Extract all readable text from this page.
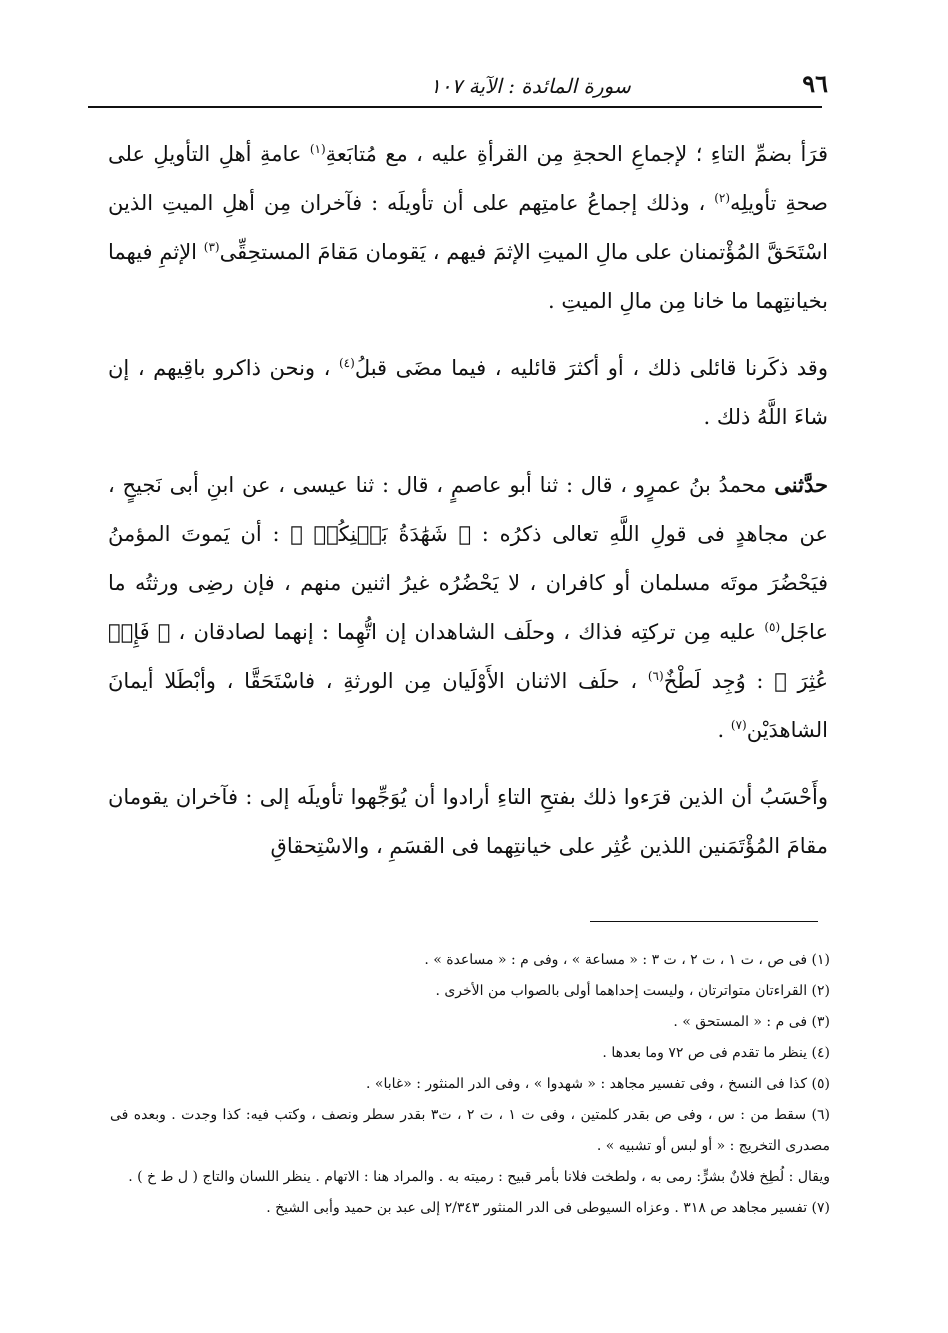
٩٦
سورة المائدة : الآية ١٠٧

قرَأ بضمِّ التاءِ ؛ لإجماعِ الحجةِ مِن القرأةِ عليه ، مع مُتابَعةِ$^{(١)}$ عامةِ أهلِ التأويلِ على صحةِ تأويلِه$^{(٢)}$ ، وذلك إجماعُ عامتِهم على أن تأويلَه : فآخران مِن أهلِ الميتِ الذين اسْتَحَقَّ المُؤْتمنان على مالِ الميتِ الإثمَ فيهم ، يَقومان مَقامَ المستحِقِّى$^{(٣)}$ الإثمِ فيهما بخيانتِهما ما خانا مِن مالِ الميتِ .

وقد ذكَرنا قائلى ذلك ، أو أكثرَ قائليه ، فيما مضَى قبلُ$^{(٤)}$ ، ونحن ذاكرو باقِيهم ، إن شاءَ اللَّهُ ذلك .

حدَّثنى محمدُ بنُ عمرٍو ، قال : ثنا أبو عاصمٍ ، قال : ثنا عيسى ، عن ابنِ أبى نَجيحٍ ، عن مجاهدٍ فى قولِ اللَّهِ تعالى ذكرُه : ﴿ شَهَٰدَةُ بَيۡنِكُمۡ ﴾ : أن يَموتَ المؤمنُ فيَحْضُرَ موتَه مسلمان أو كافران ، لا يَحْضُرُه غيرُ اثنين منهم ، فإن رضِى ورثتُه ما عاجَل$^{(٥)}$ عليه مِن تركتِه فذاك ، وحلَف الشاهدان إن اتُّهِما : إنهما لصادقان ، ﴿ فَإِنۡ عُثِرَ ﴾ : وُجِد لَطْخٌ$^{(٦)}$ ، حلَف الاثنان الأَوْلَيان مِن الورثةِ ، فاسْتَحَقَّا ، وأبْطَلا أيمانَ الشاهدَيْن$^{(٧)}$ .

وأَحْسَبُ أن الذين قرَءوا ذلك بفتحِ التاءِ أرادوا أن يُوَجِّهوا تأويلَه إلى : فآخران يقومان مقامَ المُؤْتَمَنين اللذين عُثِر على خيانتِهما فى القسَمِ ، والاسْتِحقاقِ

(١) فى ص ، ت ١ ، ت ٢ ، ت ٣ : « مساعة » ، وفى م : « مساعدة » .

(٢) القراءتان متواترتان ، وليست إحداهما أولى بالصواب من الأخرى .

(٣) فى م : « المستحق » .

(٤) ينظر ما تقدم فى ص ٧٢ وما بعدها .

(٥) كذا فى النسخ ، وفى تفسير مجاهد : « شهدوا » ، وفى الدر المنثور : «غابا» .

(٦) سقط من : س ، وفى ص بقدر كلمتين ، وفى ت ١ ، ت ٢ ، ت٣ بقدر سطر ونصف ، وكتب فيه: كذا وجدت . وبعده فى مصدرى التخريج : « أو لبس أو تشبيه » .

ويقال : لُطِخ فلانٌ بشرٍّ: رمى به ، ولطخت فلانا بأمر قبيح : رميته به . والمراد هنا : الاتهام . ينظر اللسان والتاج ( ل ط خ ) .

(٧) تفسير مجاهد ص ٣١٨ . وعزاه السيوطى فى الدر المنثور ٢/٣٤٣ إلى عبد بن حميد وأبى الشيخ .
